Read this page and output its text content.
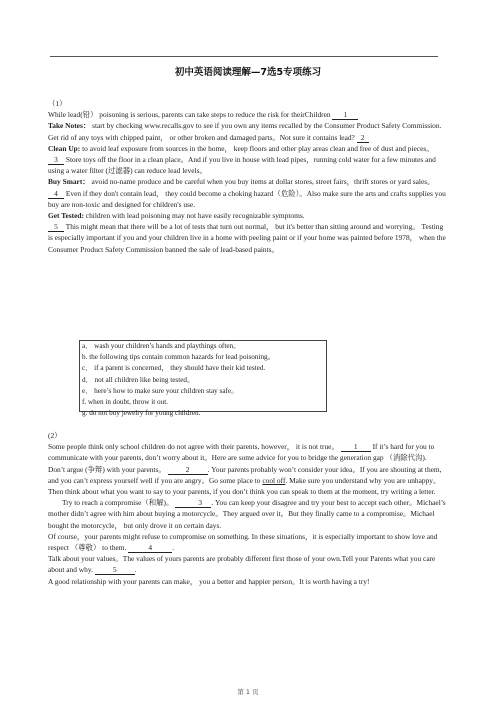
初中英语阅读理解—7选5专项练习

（1）

While lead(铅） poisoning is serious, parents can take steps to reduce the risk for theirChildren 1

Take Notes： start by checking www.recalls.gov to see if you own any items recalled by the Consumer Product Safety Commission. Get rid of any toys with chipped paint， or other broken and damaged parts。Not sure it contains lead? 2

Clean Up: to avoid leaf exposure from sources in the home， keep floors and other play areas clean and free of dust and pieces。 3 Store toys off the floor in a clean place。And if you live in house with lead pipes，running cold water for a few minutes and using a water filter (过滤器) can reduce lead levels。

Buy Smart： avoid no-name produce and be careful when you buy items at dollar stores, street fairs，thrift stores or yard sales。 4 Even if they don't contain lead， they could become a choking hazard（危险）。Also make sure the arts and crafts supplies you buy are non-toxic and designed for children's use.

Get Tested: children with lead poisoning may not have easily recognizable symptoms.

5 This might mean that there will be a lot of tests that turn out normal， but it's better than sitting around and worrying。 Testing is especially important if you and your children live in a home with peeling paint or if your home was painted before 1978， when the Consumer Product Safety Commission banned the sale of lead-based paints。

a． wash your children’s hands and playthings often。
b. the following tips contain common hazards for lead poisoning。
c． if a parent is concerned， they should have their kid tested.
d． not all children like being tested。
e． here’s how to make sure your children stay safe。
f. when in doubt, throw it out.
g. do not buy jewelry for young children.

(2）

Some people think only school children do not agree with their parents, however， it is not true。 1 If it’s hard for you to communicate with your parents, don’t worry about it。Here are some advice for you to bridge the generation gap （消除代沟).

Don’t argue (争辩) with your parents。	2 . Your parents probably won’t consider your idea。If you are shouting at them, and you can’t express yourself well if you are angry。Go some place to cool off. Make sure you understand why you are unhappy。Then think about what you want to say to your parents, if you don’t think you can speak to them at the moment, try writing a letter.

Try to reach a compromise（和解)。	3 . You can keep your disagree and try your best to accept each other。Michael’s mother didn’t agree with him about buying a motorcycle。They argued over it。But they finally came to a compromise。Michael bought the motorcycle， but only drove it on certain days.

Of course，your parents might refuse to compromise on something. In these situations，it is especially important to show love and respect （尊敬） to them.	4	.

Talk about your values。The values of yours parents are probably different first those of your own.Tell your Parents what you care about and why.	5 .

A good relationship with your parents can make， you a better and happier person。It is worth having a try!

第 1 页
